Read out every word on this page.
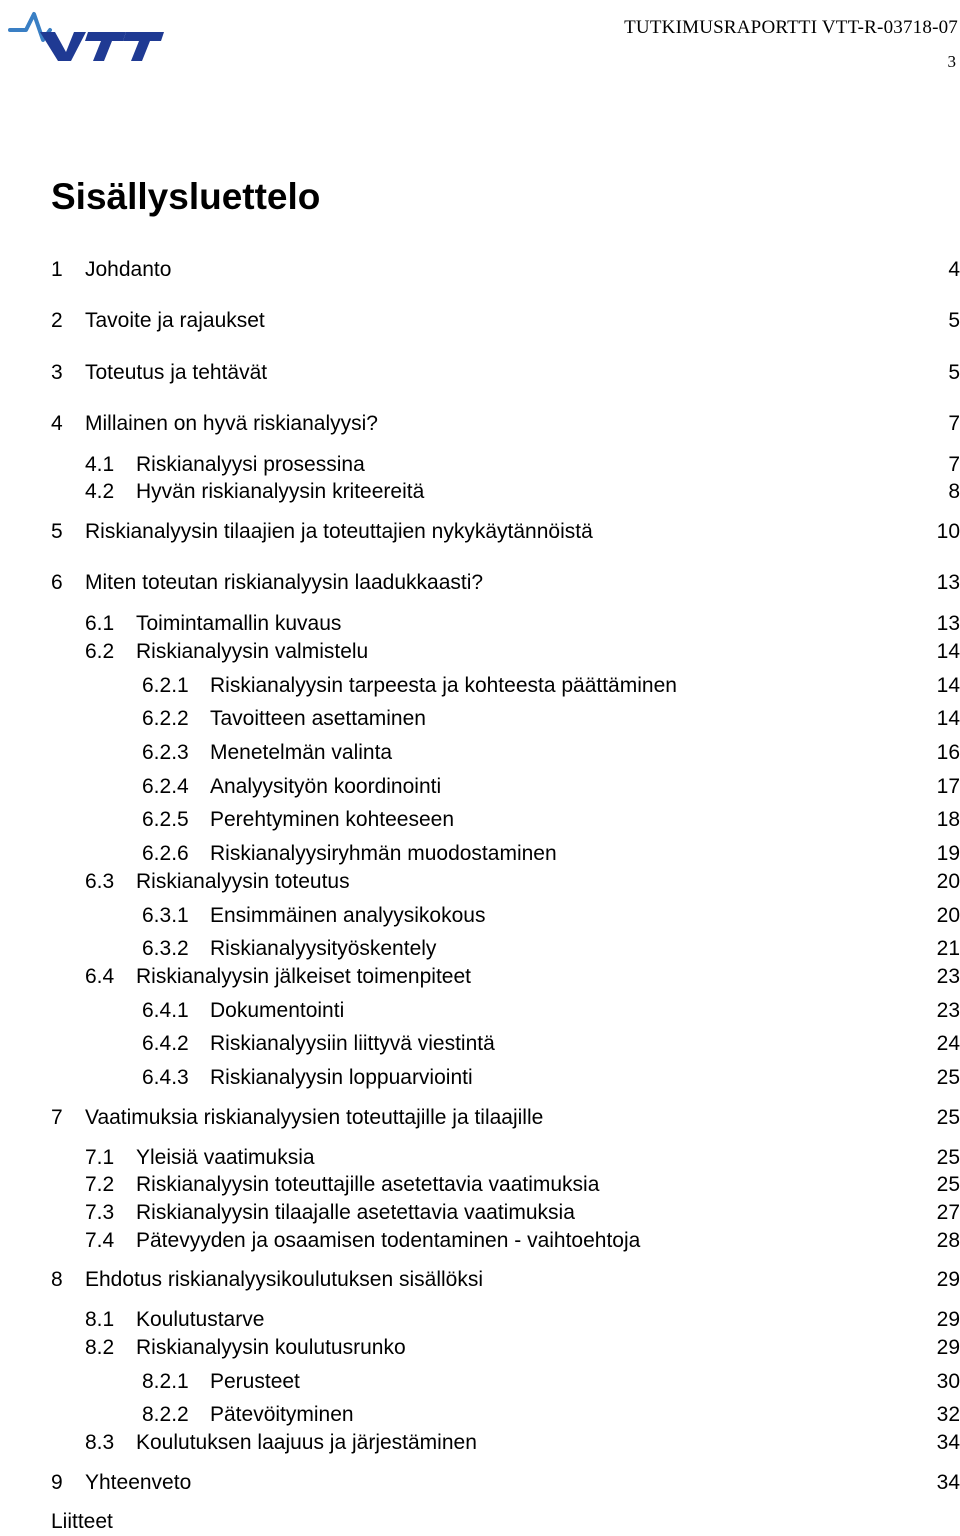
TUTKIMUSRAPORTTI VTT-R-03718-07
3
Sisällysluettelo
1 Johdanto	4
2 Tavoite ja rajaukset	5
3 Toteutus ja tehtävät	5
4 Millainen on hyvä riskianalyysi?	7
4.1 Riskianalyysi prosessina	7
4.2 Hyvän riskianalyysin kriteereitä	8
5 Riskianalyysin tilaajien ja toteuttajien nykykäytännöistä	10
6 Miten toteutan riskianalyysin laadukkaasti?	13
6.1 Toimintamallin kuvaus	13
6.2 Riskianalyysin valmistelu	14
6.2.1 Riskianalyysin tarpeesta ja kohteesta päättäminen	14
6.2.2 Tavoitteen asettaminen	14
6.2.3 Menetelmän valinta	16
6.2.4 Analyysityön koordinointi	17
6.2.5 Perehtyminen kohteeseen	18
6.2.6 Riskianalyysiryhmän muodostaminen	19
6.3 Riskianalyysin toteutus	20
6.3.1 Ensimmäinen analyysikokous	20
6.3.2 Riskianalyysityöskentely	21
6.4 Riskianalyysin jälkeiset toimenpiteet	23
6.4.1 Dokumentointi	23
6.4.2 Riskianalyysiin liittyvä viestintä	24
6.4.3 Riskianalyysin loppuarviointi	25
7 Vaatimuksia riskianalyysien toteuttajille ja tilaajille	25
7.1 Yleisiä vaatimuksia	25
7.2 Riskianalyysin toteuttajille asetettavia vaatimuksia	25
7.3 Riskianalyysin tilaajalle asetettavia vaatimuksia	27
7.4 Pätevyyden ja osaamisen todentaminen - vaihtoehtoja	28
8 Ehdotus riskianalyysikoulutuksen sisällöksi	29
8.1 Koulutustarve	29
8.2 Riskianalyysin koulutusrunko	29
8.2.1 Perusteet	30
8.2.2 Pätevöityminen	32
8.3 Koulutuksen laajuus ja järjestäminen	34
9 Yhteenveto	34
Liitteet
